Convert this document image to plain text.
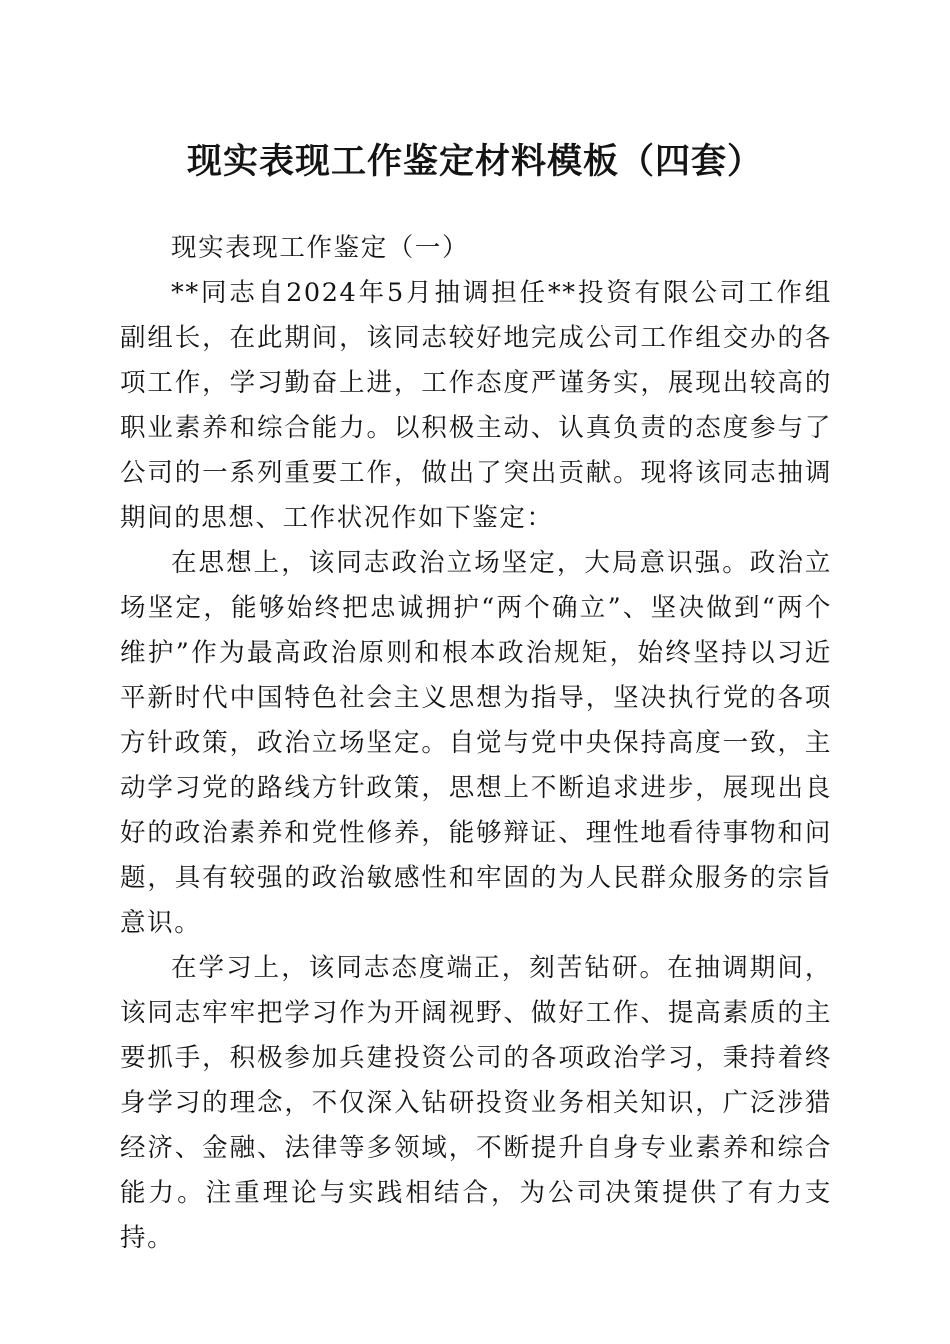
现实表现工作鉴定材料模板（四套）

现实表现工作鉴定（一）

**同志自2024年5月抽调担任**投资有限公司工作组副组长，在此期间，该同志较好地完成公司工作组交办的各项工作，学习勤奋上进，工作态度严谨务实，展现出较高的职业素养和综合能力。以积极主动、认真负责的态度参与了公司的一系列重要工作，做出了突出贡献。现将该同志抽调期间的思想、工作状况作如下鉴定：

在思想上，该同志政治立场坚定，大局意识强。政治立场坚定，能够始终把忠诚拥护“两个确立”、坚决做到“两个维护”作为最高政治原则和根本政治规矩，始终坚持以习近平新时代中国特色社会主义思想为指导，坚决执行党的各项方针政策，政治立场坚定。自觉与党中央保持高度一致，主动学习党的路线方针政策，思想上不断追求进步，展现出良好的政治素养和党性修养，能够辩证、理性地看待事物和问题，具有较强的政治敏感性和牢固的为人民群众服务的宗旨意识。

在学习上，该同志态度端正，刻苦钻研。在抽调期间，该同志牢牢把学习作为开阔视野、做好工作、提高素质的主要抓手，积极参加兵建投资公司的各项政治学习，秉持着终身学习的理念，不仅深入钻研投资业务相关知识，广泛涉猎经济、金融、法律等多领域，不断提升自身专业素养和综合能力。注重理论与实践相结合，为公司决策提供了有力支持。
